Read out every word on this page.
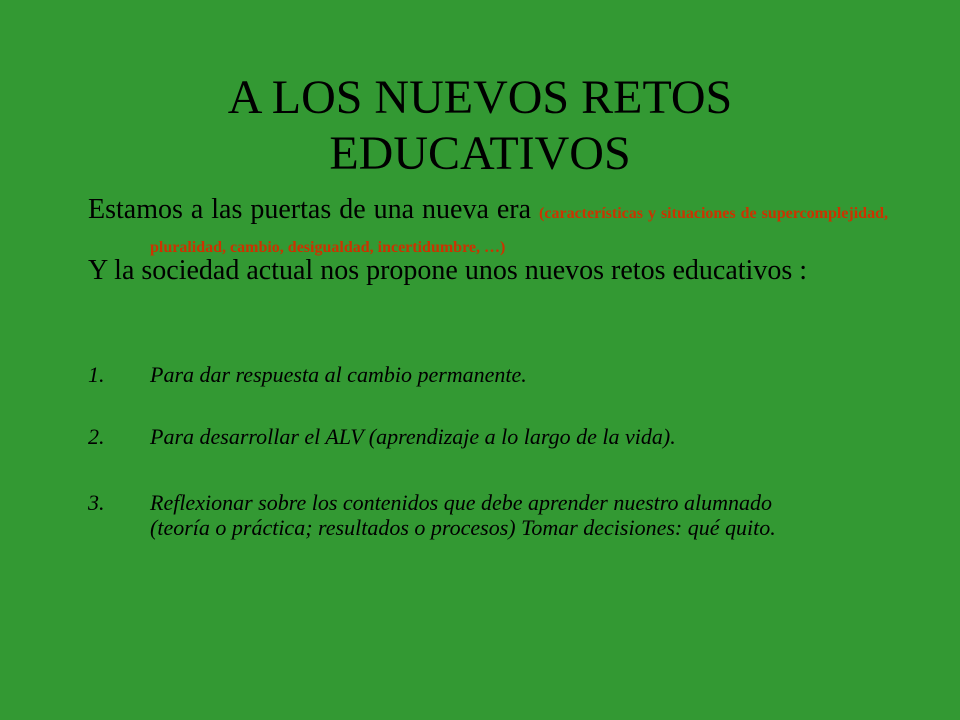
A LOS NUEVOS RETOS
EDUCATIVOS

Estamos a las puertas de una nueva era (características y situaciones de supercomplejidad, pluralidad, cambio, desigualdad, incertidumbre, …)

Y la sociedad actual nos propone unos nuevos retos educativos :

1. Para dar respuesta al cambio permanente.
2. Para desarrollar el ALV (aprendizaje a lo largo de la vida).
3. Reflexionar sobre los contenidos que debe aprender nuestro alumnado (teoría o práctica; resultados o procesos) Tomar decisiones: qué quito.
